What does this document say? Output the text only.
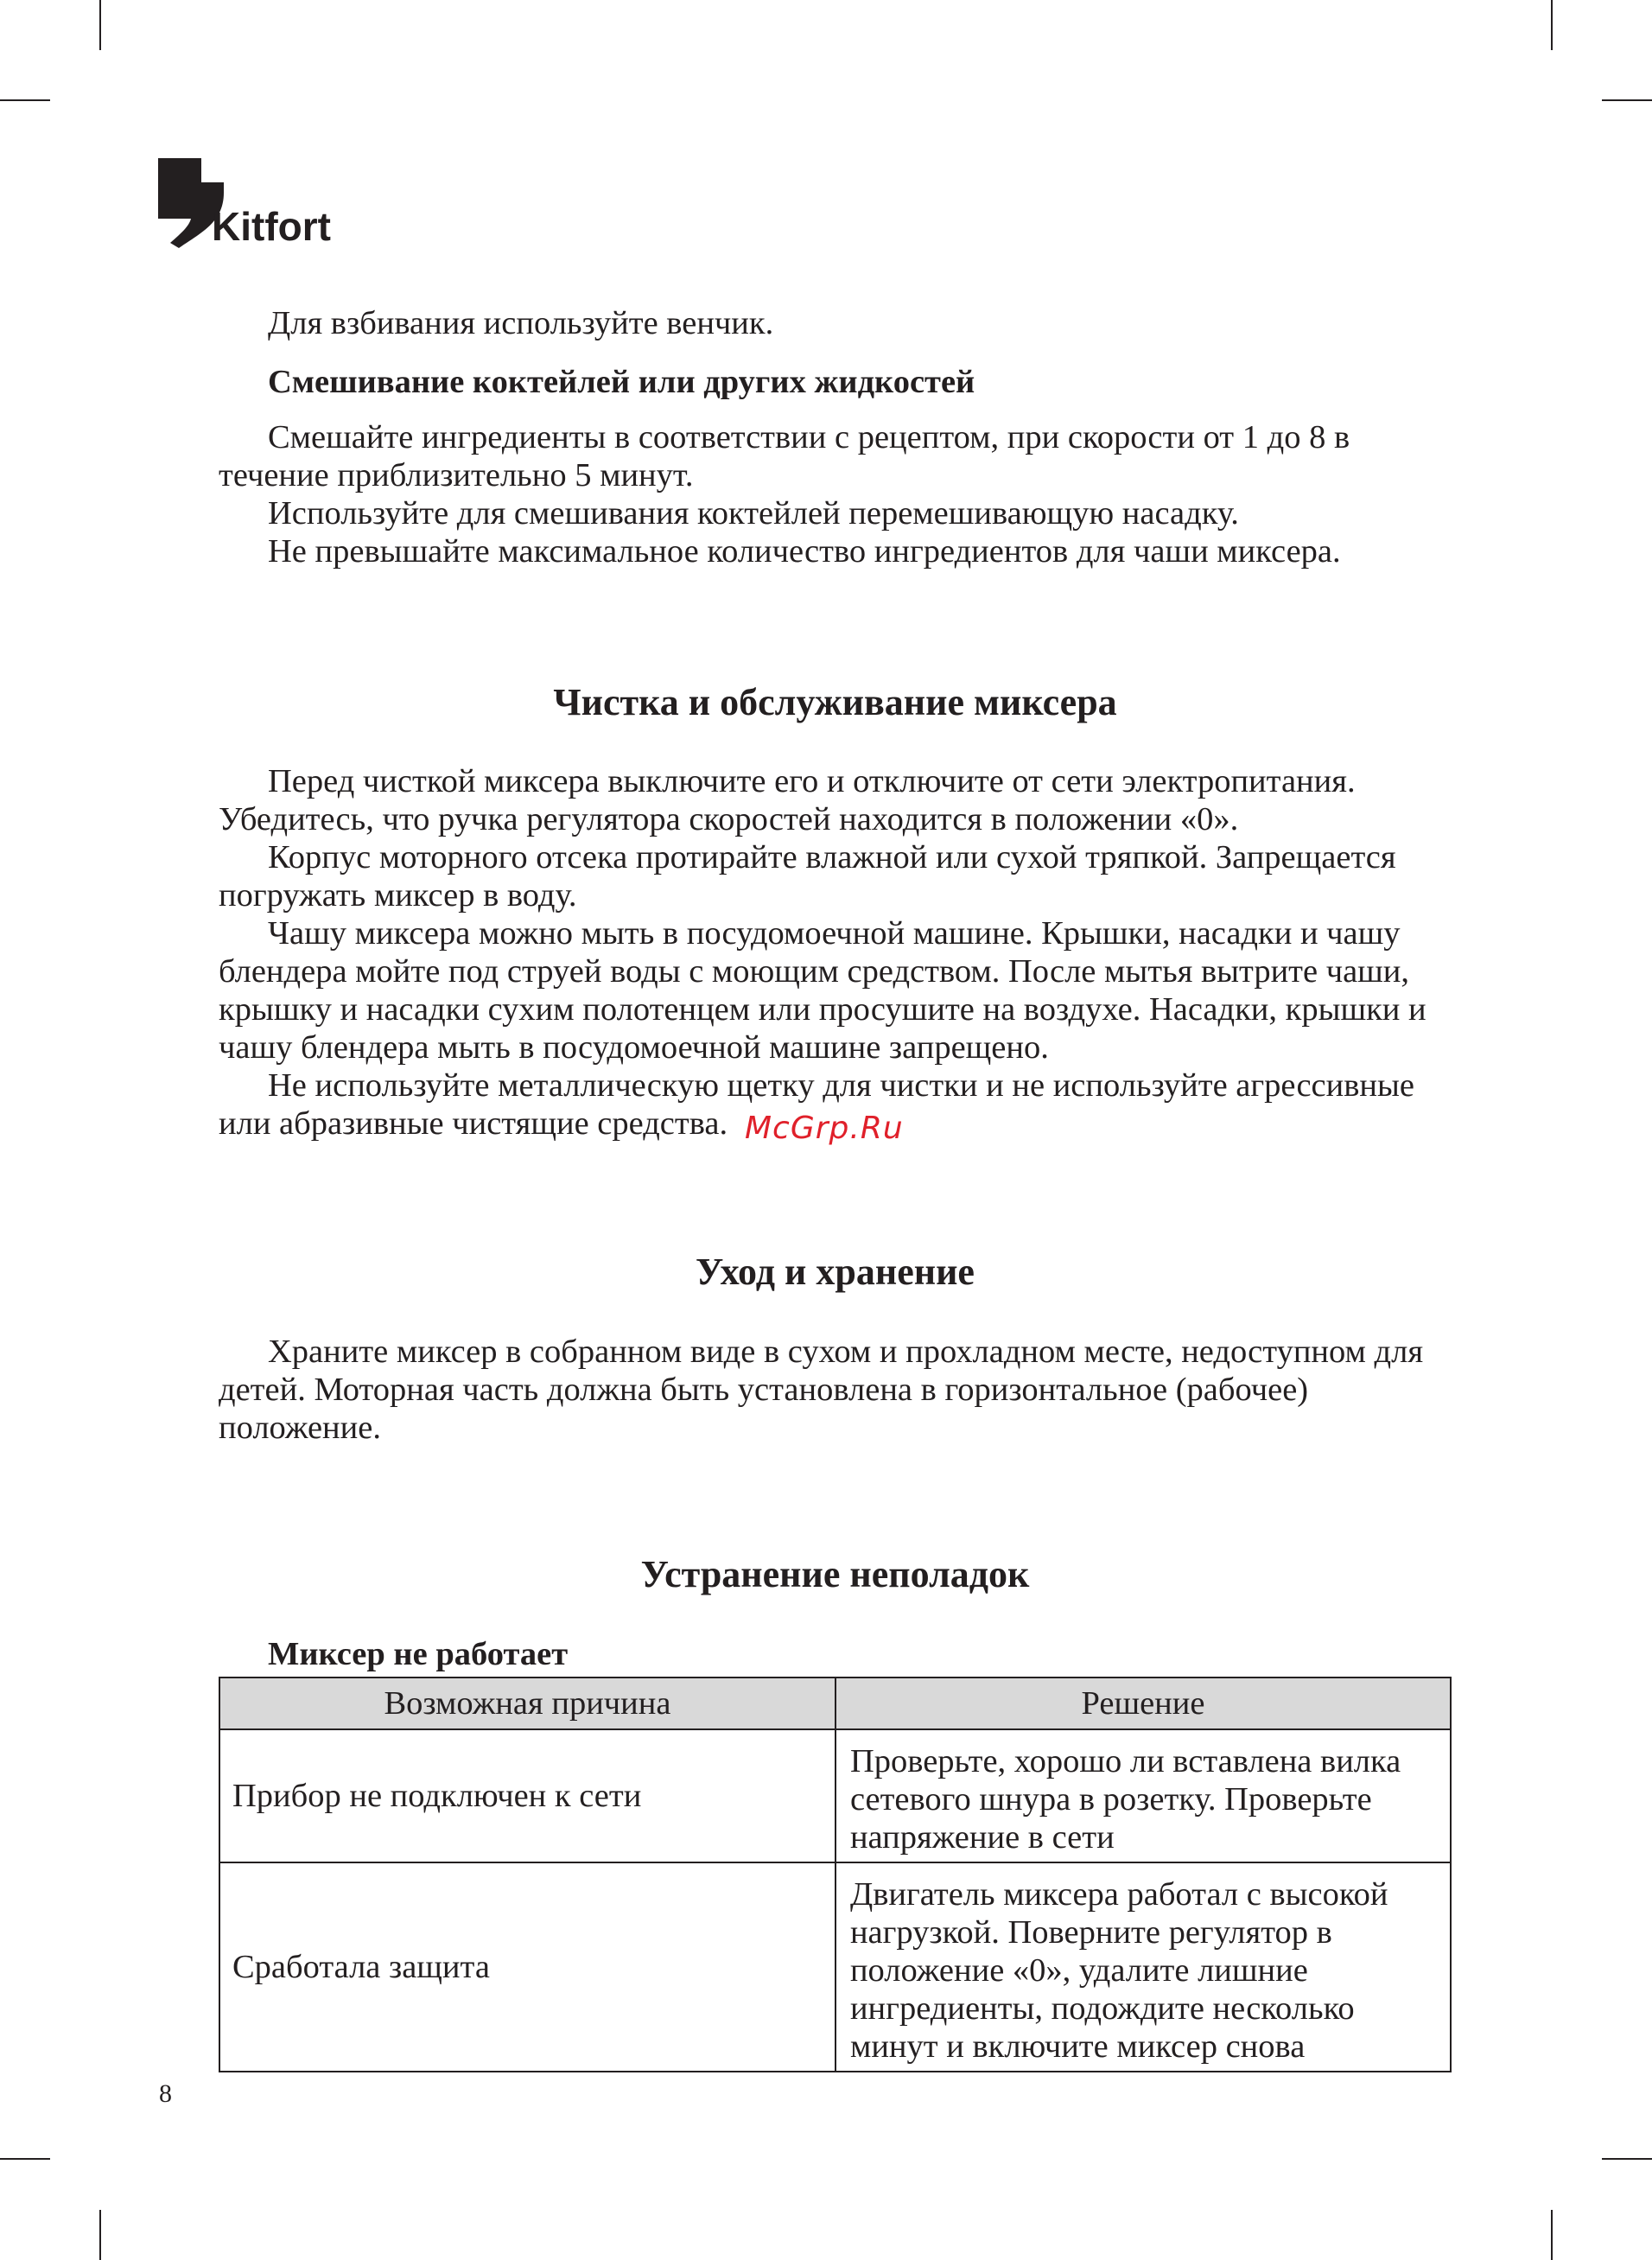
Kitfort

Для взбивания используйте венчик.

Смешивание коктейлей или других жидкостей

Смешайте ингредиенты в соответствии с рецептом, при скорости от 1 до 8 в течение приблизительно 5 минут.

Используйте для смешивания коктейлей перемешивающую насадку.

Не превышайте максимальное количество ингредиентов для чаши миксера.

Чистка и обслуживание миксера

Перед чисткой миксера выключите его и отключите от сети электропитания. Убедитесь, что ручка регулятора скоростей находится в положении «0».

Корпус моторного отсека протирайте влажной или сухой тряпкой. Запрещается погружать миксер в воду.

Чашу миксера можно мыть в посудомоечной машине. Крышки, насадки и чашу блендера мойте под струей воды с моющим средством. После мытья вытрите чаши, крышку и насадки сухим полотенцем или просушите на воздухе. Насадки, крышки и чашу блендера мыть в посудомоечной машине запрещено.

Не используйте металлическую щетку для чистки и не используйте агрессивные или абразивные чистящие средства. McGrp.Ru
Уход и хранение

Храните миксер в собранном виде в сухом и прохладном месте, недоступном для детей. Моторная часть должна быть установлена в горизонтальное (рабочее) положение.

Устранение неполадок

Миксер не работает

Возможная причина	Решение
Прибор не подключен к сети	Проверьте, хорошо ли вставлена вилка сетевого шнура в розетку. Проверьте напряжение в сети
Сработала защита	Двигатель миксера работал с высокой нагрузкой. Поверните регулятор в положение «0», удалите лишние ингредиенты, подождите несколько минут и включите миксер снова
8
